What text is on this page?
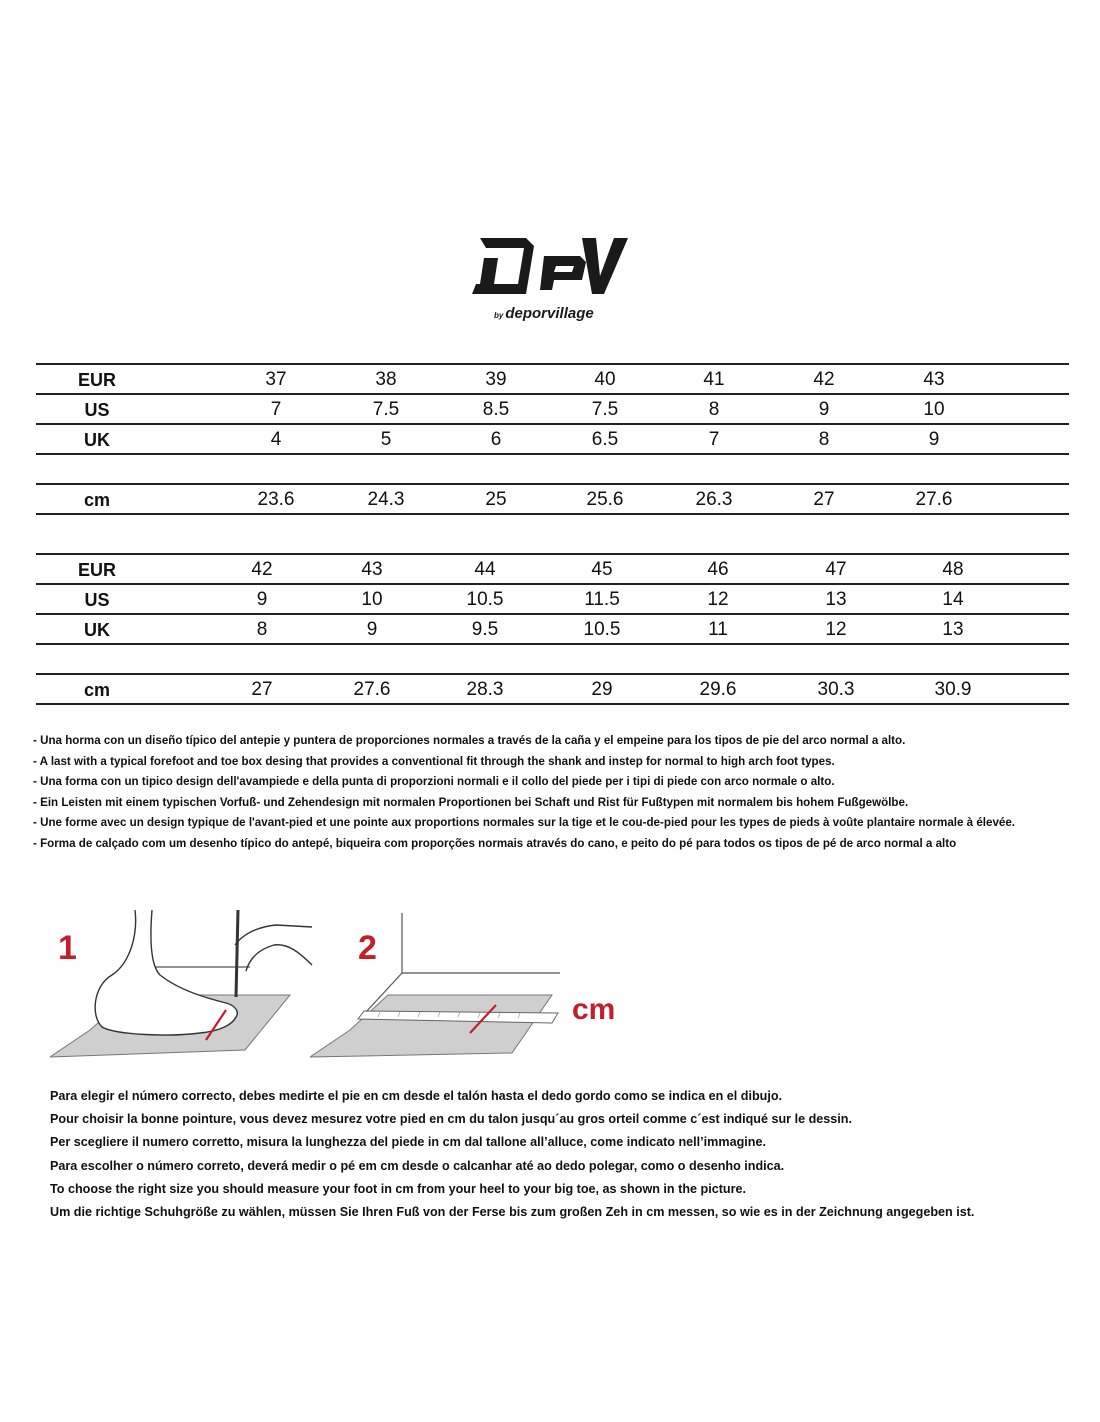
by deporvillage
EUR	37	38	39	40	41	42	43
US	7	7.5	8.5	7.5	8	9	10
UK	4	5	6	6.5	7	8	9
cm	23.6	24.3	25	25.6	26.3	27	27.6
EUR	42	43	44	45	46	47	48
US	9	10	10.5	11.5	12	13	14
UK	8	9	9.5	10.5	11	12	13
cm	27	27.6	28.3	29	29.6	30.3	30.9
- Una horma con un diseño típico del antepie y puntera de proporciones normales a través de la caña y el empeine para los tipos de pie del arco normal a alto.
- A last with a typical forefoot and toe box desing that provides a conventional fit through the shank and instep for normal to high arch foot types.
- Una forma con un tipico design dell'avampiede e della punta di proporzioni normali e il collo del piede per i tipi di piede con arco normale o alto.
- Ein Leisten mit einem typischen Vorfuß- und Zehendesign mit normalen Proportionen bei Schaft und Rist für Fußtypen mit normalem bis hohem Fußgewölbe.
- Une forme avec un design typique de l'avant-pied et une pointe aux proportions normales sur la tige et le cou-de-pied pour les types de pieds à voûte plantaire normale à élevée.
- Forma de calçado com um desenho típico do antepé, biqueira com proporções normais através do cano, e peito do pé para todos os tipos de pé de arco normal a alto
1	2
cm
Para elegir el número correcto, debes medirte el pie en cm desde el talón hasta el dedo gordo como se indica en el dibujo.
Pour choisir la bonne pointure, vous devez mesurez votre pied en cm du talon jusqu´au gros orteil comme c´est indiqué sur le dessin.
Per scegliere il numero corretto, misura la lunghezza del piede in cm dal tallone all’alluce, come indicato nell’immagine.
Para escolher o número correto, deverá medir o pé em cm desde o calcanhar até ao dedo polegar, como o desenho indica.
To choose the right size you should measure your foot in cm from your heel to your big toe, as shown in the picture.
Um die richtige Schuhgröße zu wählen, müssen Sie Ihren Fuß von der Ferse bis zum großen Zeh in cm messen, so wie es in der Zeichnung angegeben ist.
